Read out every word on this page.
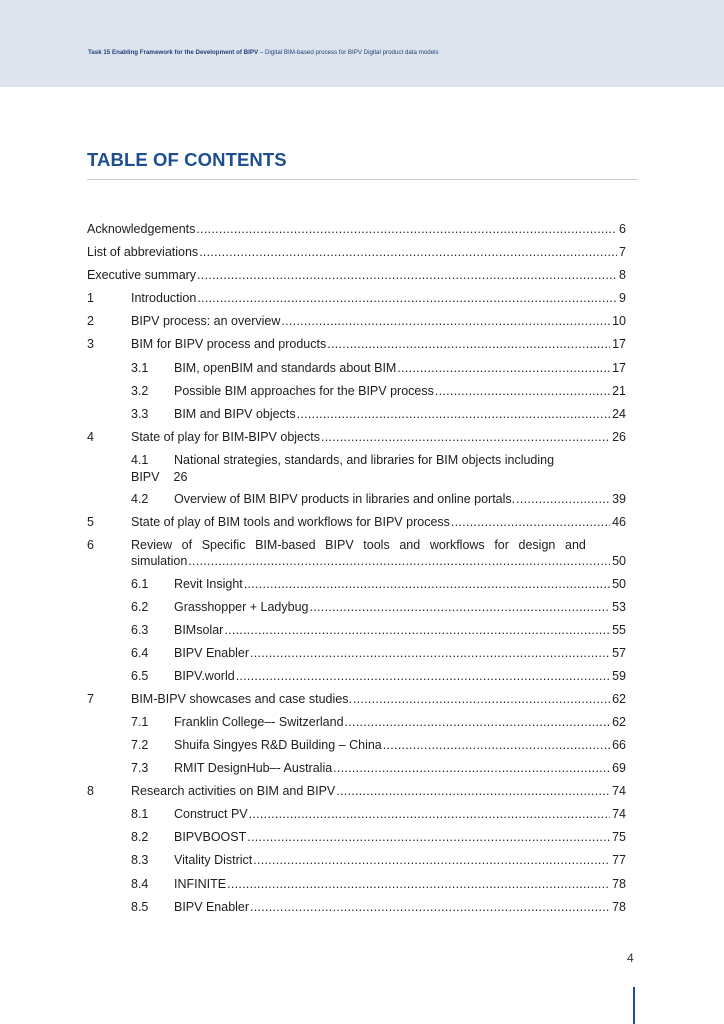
Task 15 Enabling Framework for the Development of BIPV – Digital BIM-based process for BIPV Digital product data models
TABLE OF CONTENTS
Acknowledgements . . .	6
List of abbreviations . . .	7
Executive summary . . .	8
1	Introduction . . .	9
2	BIPV process: an overview . . .	10
3	BIM for BIPV process and products . . .	17
3.1 BIM, openBIM and standards about BIM . . .	17
3.2 Possible BIM approaches for the BIPV process . . .	21
3.3 BIM and BIPV objects . . .	24
4	State of play for BIM-BIPV objects . . .	26
4.1 National strategies, standards, and libraries for BIM objects including
BIPV 26
4.2 Overview of BIM BIPV products in libraries and online portals. . . .	39
5	State of play of BIM tools and workflows for BIPV process . . .	46
6	Review of Specific BIM-based BIPV tools and workflows for design and
simulation . . .	50
6.1 Revit Insight . . .	50
6.2 Grasshopper + Ladybug . . .	53
6.3 BIMsolar . . .	55
6.4 BIPV Enabler . . .	57
6.5 BIPV.world . . .	59
7	BIM-BIPV showcases and case studies. . . .	62
7.1 Franklin College–- Switzerland . . .	62
7.2 Shuifa Singyes R&D Building – China . . .	66
7.3 RMIT DesignHub–- Australia . . .	69
8	Research activities on BIM and BIPV . . .	74
8.1 Construct PV . . .	74
8.2 BIPVBOOST . . .	75
8.3 Vitality District . . .	77
8.4 INFINITE . . .	78
8.5 BIPV Enabler . . .	78
4
